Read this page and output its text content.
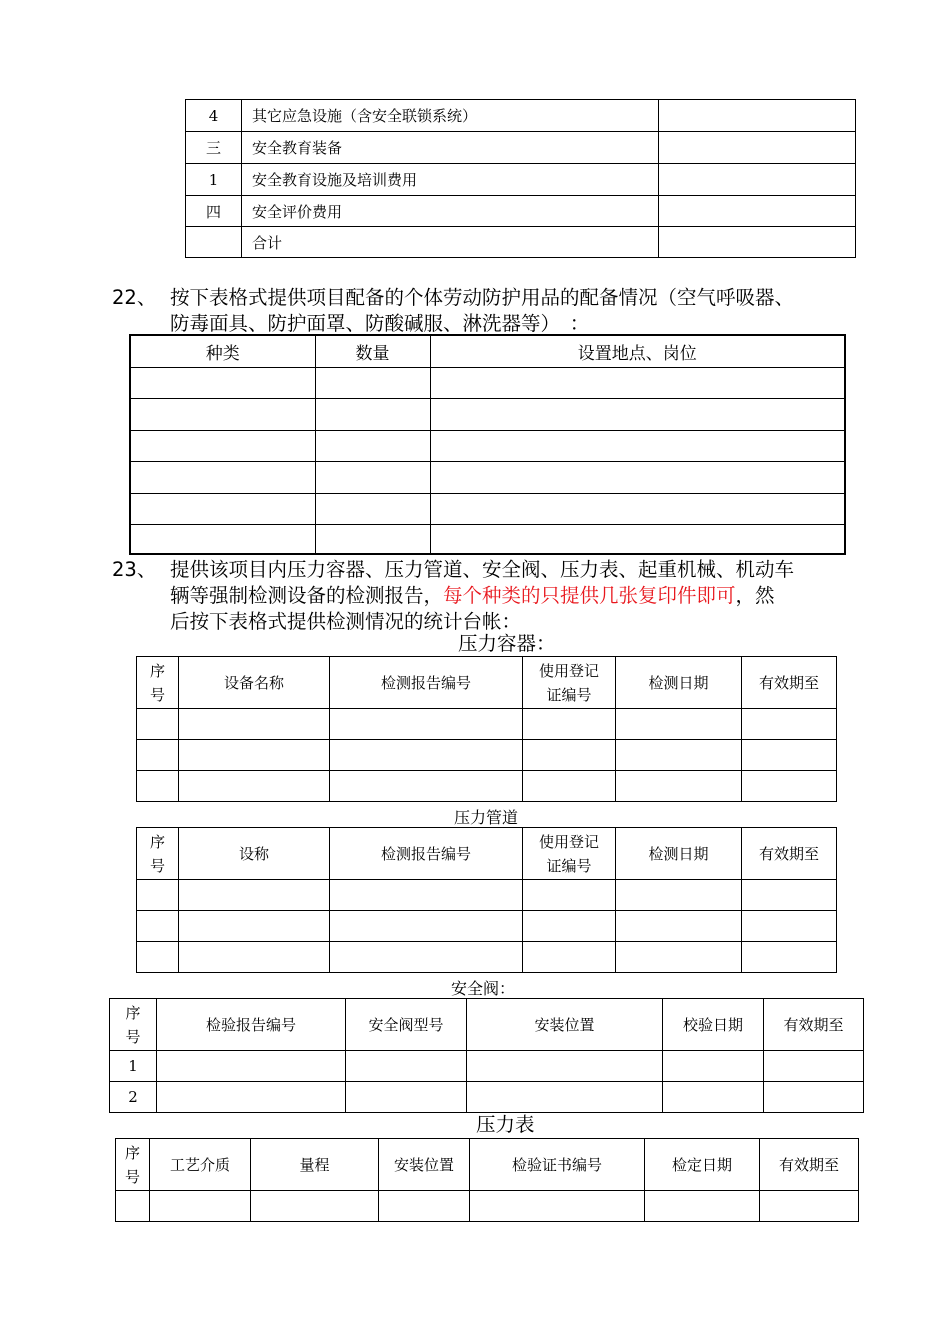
4	其它应急设施（含安全联锁系统）	
三	安全教育装备	
1	安全教育设施及培训费用	
四	安全评价费用	
	合计	
22、 按下表格式提供项目配备的个体劳动防护用品的配备情况（空气呼吸器、
防毒面具、防护面罩、防酸碱服、淋洗器等）　：
种类	数量	设置地点、岗位

23、 提供该项目内压力容器、压力管道、安全阀、压力表、起重机械、机动车
辆等强制检测设备的检测报告，每个种类的只提供几张复印件即可，然
后按下表格式提供检测情况的统计台帐：
压力容器：
序号	设备名称	检测报告编号	使用登记证编号	检测日期	有效期至

压力管道
序号	设称	检测报告编号	使用登记证编号	检测日期	有效期至

安全阀：
序号	检验报告编号	安全阀型号	安装位置	校验日期	有效期至
1					
2					
压力表
序号	工艺介质	量程	安装位置	检验证书编号	检定日期	有效期至
